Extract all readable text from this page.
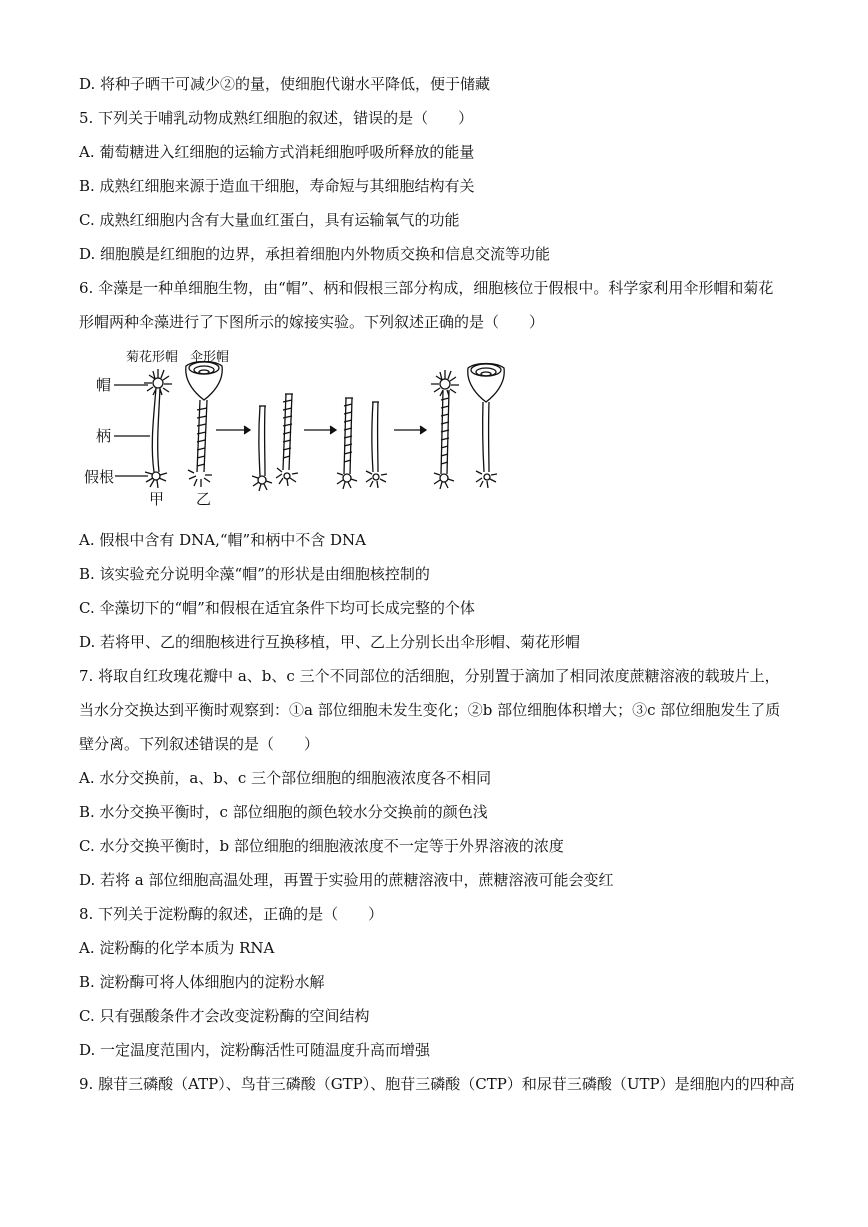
D. 将种子晒干可减少②的量，使细胞代谢水平降低，便于储藏
5. 下列关于哺乳动物成熟红细胞的叙述，错误的是（　　）
A. 葡萄糖进入红细胞的运输方式消耗细胞呼吸所释放的能量
B. 成熟红细胞来源于造血干细胞，寿命短与其细胞结构有关
C. 成熟红细胞内含有大量血红蛋白，具有运输氧气的功能
D. 细胞膜是红细胞的边界，承担着细胞内外物质交换和信息交流等功能
6. 伞藻是一种单细胞生物，由“帽”、柄和假根三部分构成，细胞核位于假根中。科学家利用伞形帽和菊花
形帽两种伞藻进行了下图所示的嫁接实验。下列叙述正确的是（　　）
菊花形帽 伞形帽
帽
柄
假根
甲 乙
A. 假根中含有 DNA,“帽”和柄中不含 DNA
B. 该实验充分说明伞藻“帽”的形状是由细胞核控制的
C. 伞藻切下的“帽”和假根在适宜条件下均可长成完整的个体
D. 若将甲、乙的细胞核进行互换移植，甲、乙上分别长出伞形帽、菊花形帽
7. 将取自红玫瑰花瓣中 a、b、c 三个不同部位的活细胞，分别置于滴加了相同浓度蔗糖溶液的载玻片上，
当水分交换达到平衡时观察到：①a 部位细胞未发生变化；②b 部位细胞体积增大；③c 部位细胞发生了质
壁分离。下列叙述错误的是（　　）
A. 水分交换前，a、b、c 三个部位细胞的细胞液浓度各不相同
B. 水分交换平衡时，c 部位细胞的颜色较水分交换前的颜色浅
C. 水分交换平衡时，b 部位细胞的细胞液浓度不一定等于外界溶液的浓度
D. 若将 a 部位细胞高温处理，再置于实验用的蔗糖溶液中，蔗糖溶液可能会变红
8. 下列关于淀粉酶的叙述，正确的是（　　）
A. 淀粉酶的化学本质为 RNA
B. 淀粉酶可将人体细胞内的淀粉水解
C. 只有强酸条件才会改变淀粉酶的空间结构
D. 一定温度范围内，淀粉酶活性可随温度升高而增强
9. 腺苷三磷酸（ATP）、鸟苷三磷酸（GTP）、胞苷三磷酸（CTP）和尿苷三磷酸（UTP）是细胞内的四种高
